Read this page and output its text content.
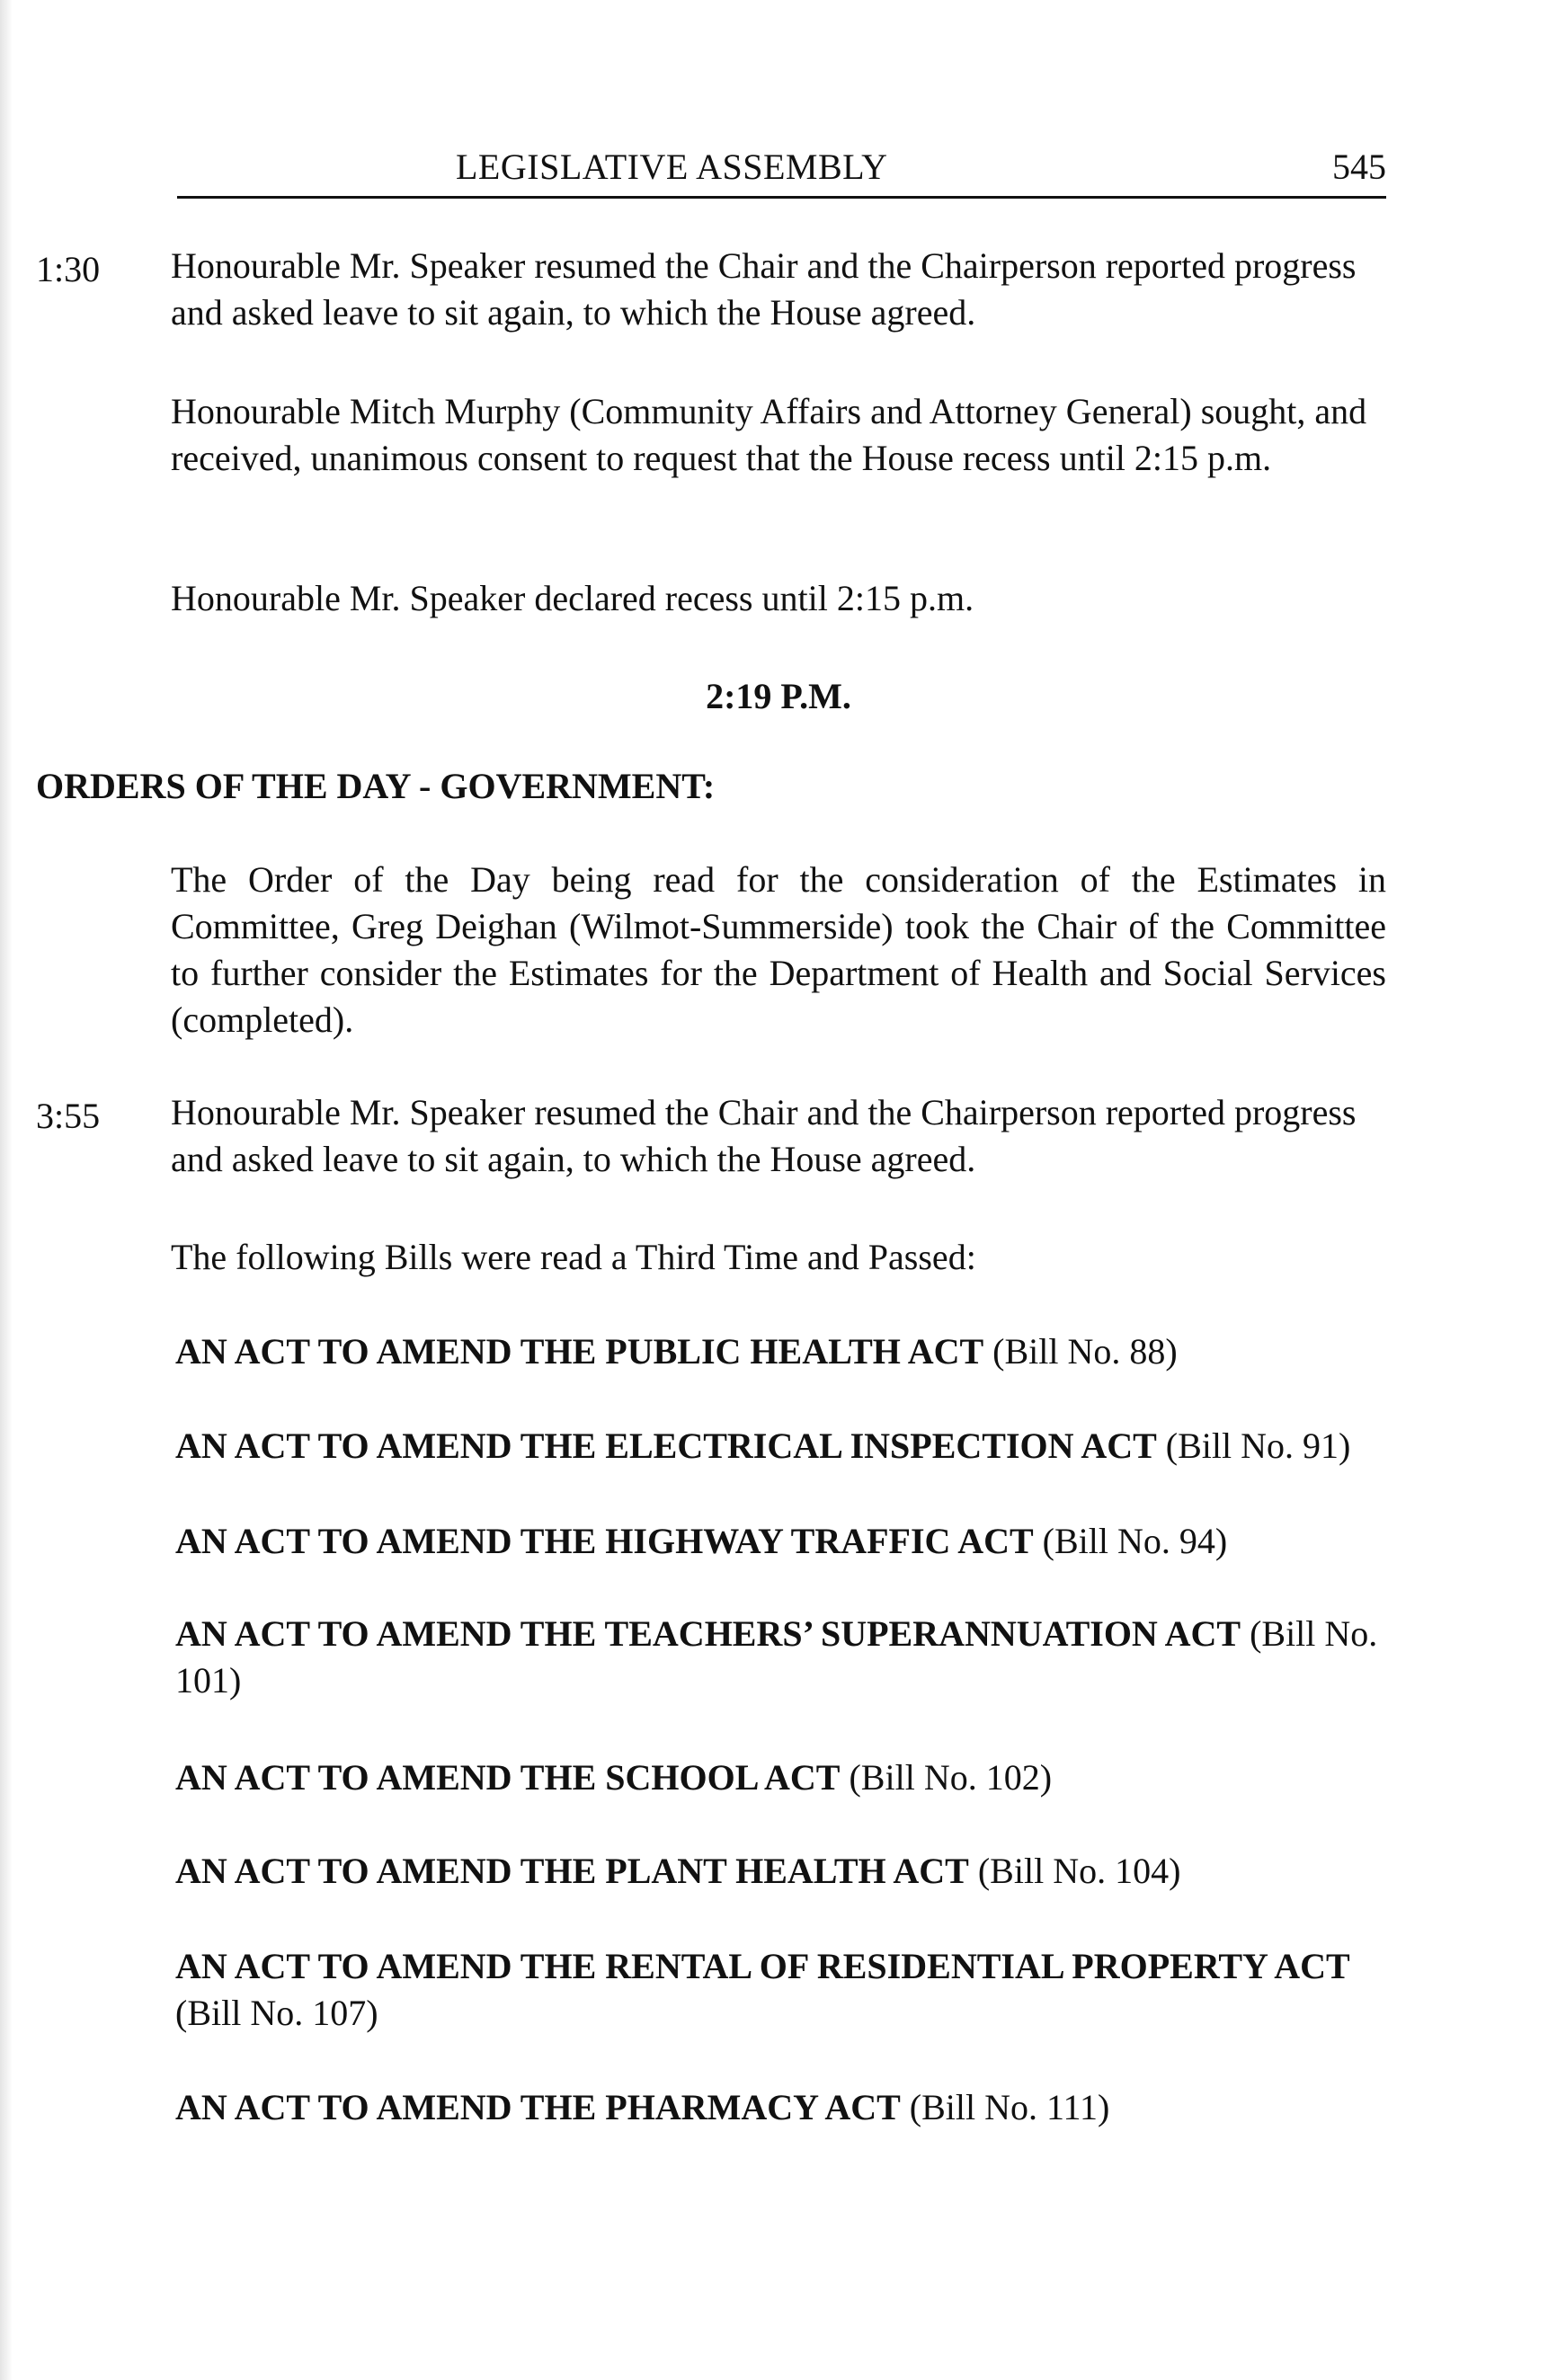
LEGISLATIVE ASSEMBLY	545
1:30 Honourable Mr. Speaker resumed the Chair and the Chairperson reported progress and asked leave to sit again, to which the House agreed.

Honourable Mitch Murphy (Community Affairs and Attorney General) sought, and received, unanimous consent to request that the House recess until 2:15 p.m.

Honourable Mr. Speaker declared recess until 2:15 p.m.

2:19 P.M.
ORDERS OF THE DAY - GOVERNMENT:

The Order of the Day being read for the consideration of the Estimates in Committee, Greg Deighan (Wilmot-Summerside) took the Chair of the Committee to further consider the Estimates for the Department of Health and Social Services (completed).

3:55 Honourable Mr. Speaker resumed the Chair and the Chairperson reported progress and asked leave to sit again, to which the House agreed.

The following Bills were read a Third Time and Passed:

AN ACT TO AMEND THE PUBLIC HEALTH ACT (Bill No. 88)

AN ACT TO AMEND THE ELECTRICAL INSPECTION ACT (Bill No. 91)

AN ACT TO AMEND THE HIGHWAY TRAFFIC ACT (Bill No. 94)

AN ACT TO AMEND THE TEACHERS’ SUPERANNUATION ACT (Bill No. 101)

AN ACT TO AMEND THE SCHOOL ACT (Bill No. 102)

AN ACT TO AMEND THE PLANT HEALTH ACT (Bill No. 104)

AN ACT TO AMEND THE RENTAL OF RESIDENTIAL PROPERTY ACT (Bill No. 107)

AN ACT TO AMEND THE PHARMACY ACT (Bill No. 111)
